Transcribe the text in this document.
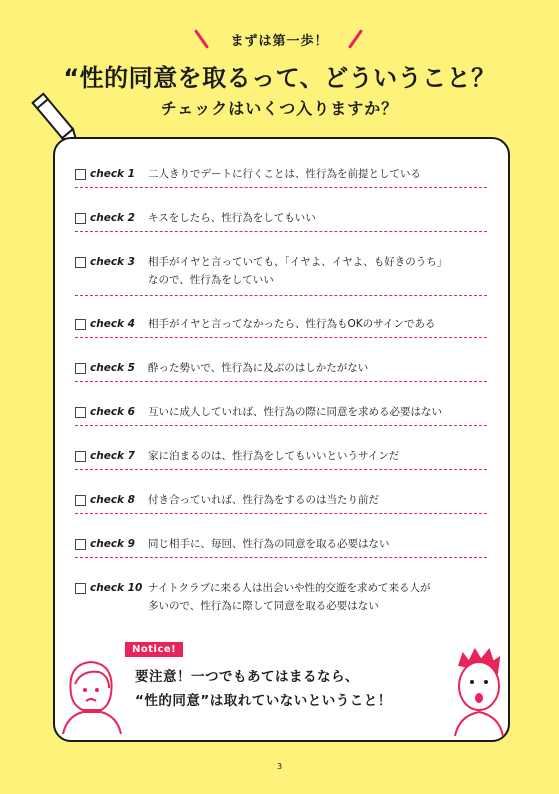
まずは第一歩！
“性的同意を取るって、どういうこと？
チェックはいくつ入りますか？
check 1	二人きりでデートに行くことは、性行為を前提としている
check 2	キスをしたら、性行為をしてもいい
check 3	相手がイヤと言っていても、「イヤよ、イヤよ、も好きのうち」
なので、性行為をしていい
check 4	相手がイヤと言ってなかったら、性行為もOKのサインである
check 5	酔った勢いで、性行為に及ぶのはしかたがない
check 6	互いに成人していれば、性行為の際に同意を求める必要はない
check 7	家に泊まるのは、性行為をしてもいいというサインだ
check 8	付き合っていれば、性行為をするのは当たり前だ
check 9	同じ相手に、毎回、性行為の同意を取る必要はない
check 10 ナイトクラブに来る人は出会いや性的交遊を求めて来る人が
多いので、性行為に際して同意を取る必要はない
Notice!
要注意！一つでもあてはまるなら、
“性的同意”は取れていないということ！
3
